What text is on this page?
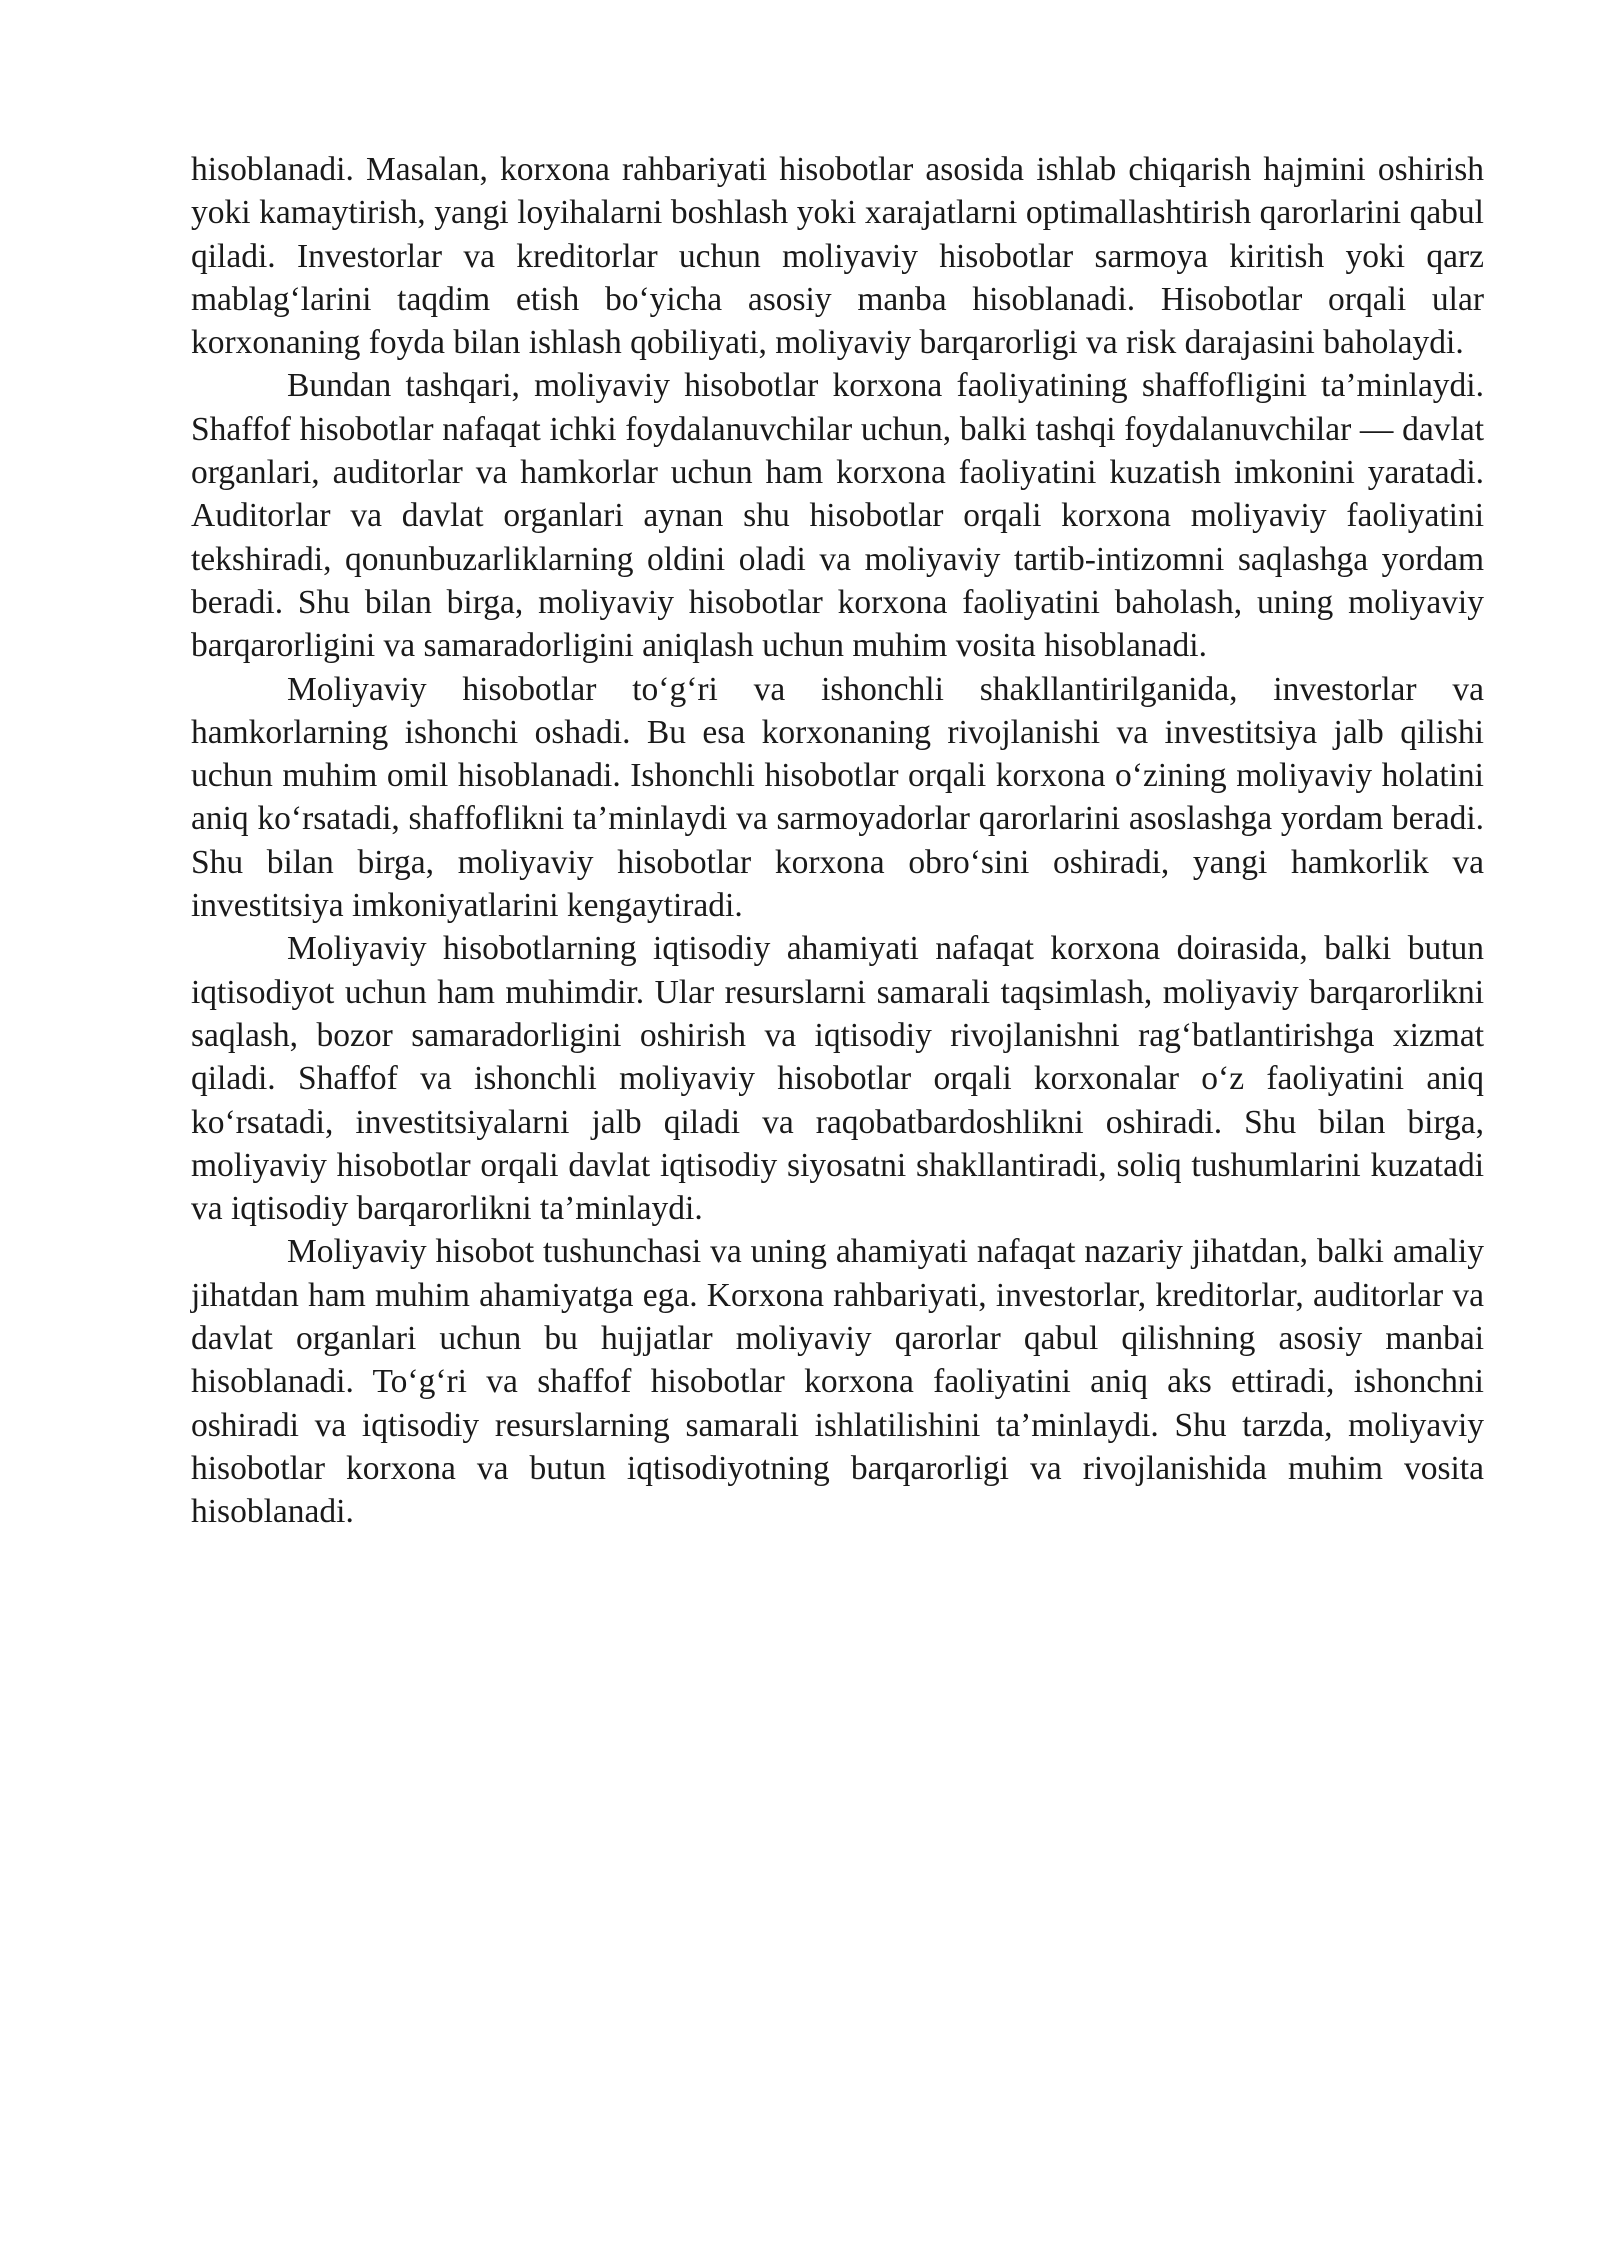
hisoblanadi. Masalan, korxona rahbariyati hisobotlar asosida ishlab chiqarish hajmini oshirish yoki kamaytirish, yangi loyihalarni boshlash yoki xarajatlarni optimallashtirish qarorlarini qabul qiladi. Investorlar va kreditorlar uchun moliyaviy hisobotlar sarmoya kiritish yoki qarz mablag‘larini taqdim etish bo‘yicha asosiy manba hisoblanadi. Hisobotlar orqali ular korxonaning foyda bilan ishlash qobiliyati, moliyaviy barqarorligi va risk darajasini baholaydi.

Bundan tashqari, moliyaviy hisobotlar korxona faoliyatining shaffofligini ta’minlaydi. Shaffof hisobotlar nafaqat ichki foydalanuvchilar uchun, balki tashqi foydalanuvchilar — davlat organlari, auditorlar va hamkorlar uchun ham korxona faoliyatini kuzatish imkonini yaratadi. Auditorlar va davlat organlari aynan shu hisobotlar orqali korxona moliyaviy faoliyatini tekshiradi, qonunbuzarliklarning oldini oladi va moliyaviy tartib-intizomni saqlashga yordam beradi. Shu bilan birga, moliyaviy hisobotlar korxona faoliyatini baholash, uning moliyaviy barqarorligini va samaradorligini aniqlash uchun muhim vosita hisoblanadi.

Moliyaviy hisobotlar to‘g‘ri va ishonchli shakllantirilganida, investorlar va hamkorlarning ishonchi oshadi. Bu esa korxonaning rivojlanishi va investitsiya jalb qilishi uchun muhim omil hisoblanadi. Ishonchli hisobotlar orqali korxona o‘zining moliyaviy holatini aniq ko‘rsatadi, shaffoflikni ta’minlaydi va sarmoyadorlar qarorlarini asoslashga yordam beradi. Shu bilan birga, moliyaviy hisobotlar korxona obro‘sini oshiradi, yangi hamkorlik va investitsiya imkoniyatlarini kengaytiradi.

Moliyaviy hisobotlarning iqtisodiy ahamiyati nafaqat korxona doirasida, balki butun iqtisodiyot uchun ham muhimdir. Ular resurslarni samarali taqsimlash, moliyaviy barqarorlikni saqlash, bozor samaradorligini oshirish va iqtisodiy rivojlanishni rag‘batlantirishga xizmat qiladi. Shaffof va ishonchli moliyaviy hisobotlar orqali korxonalar o‘z faoliyatini aniq ko‘rsatadi, investitsiyalarni jalb qiladi va raqobatbardoshlikni oshiradi. Shu bilan birga, moliyaviy hisobotlar orqali davlat iqtisodiy siyosatni shakllantiradi, soliq tushumlarini kuzatadi va iqtisodiy barqarorlikni ta’minlaydi.

Moliyaviy hisobot tushunchasi va uning ahamiyati nafaqat nazariy jihatdan, balki amaliy jihatdan ham muhim ahamiyatga ega. Korxona rahbariyati, investorlar, kreditorlar, auditorlar va davlat organlari uchun bu hujjatlar moliyaviy qarorlar qabul qilishning asosiy manbai hisoblanadi. To‘g‘ri va shaffof hisobotlar korxona faoliyatini aniq aks ettiradi, ishonchni oshiradi va iqtisodiy resurslarning samarali ishlatilishini ta’minlaydi. Shu tarzda, moliyaviy hisobotlar korxona va butun iqtisodiyotning barqarorligi va rivojlanishida muhim vosita hisoblanadi.
